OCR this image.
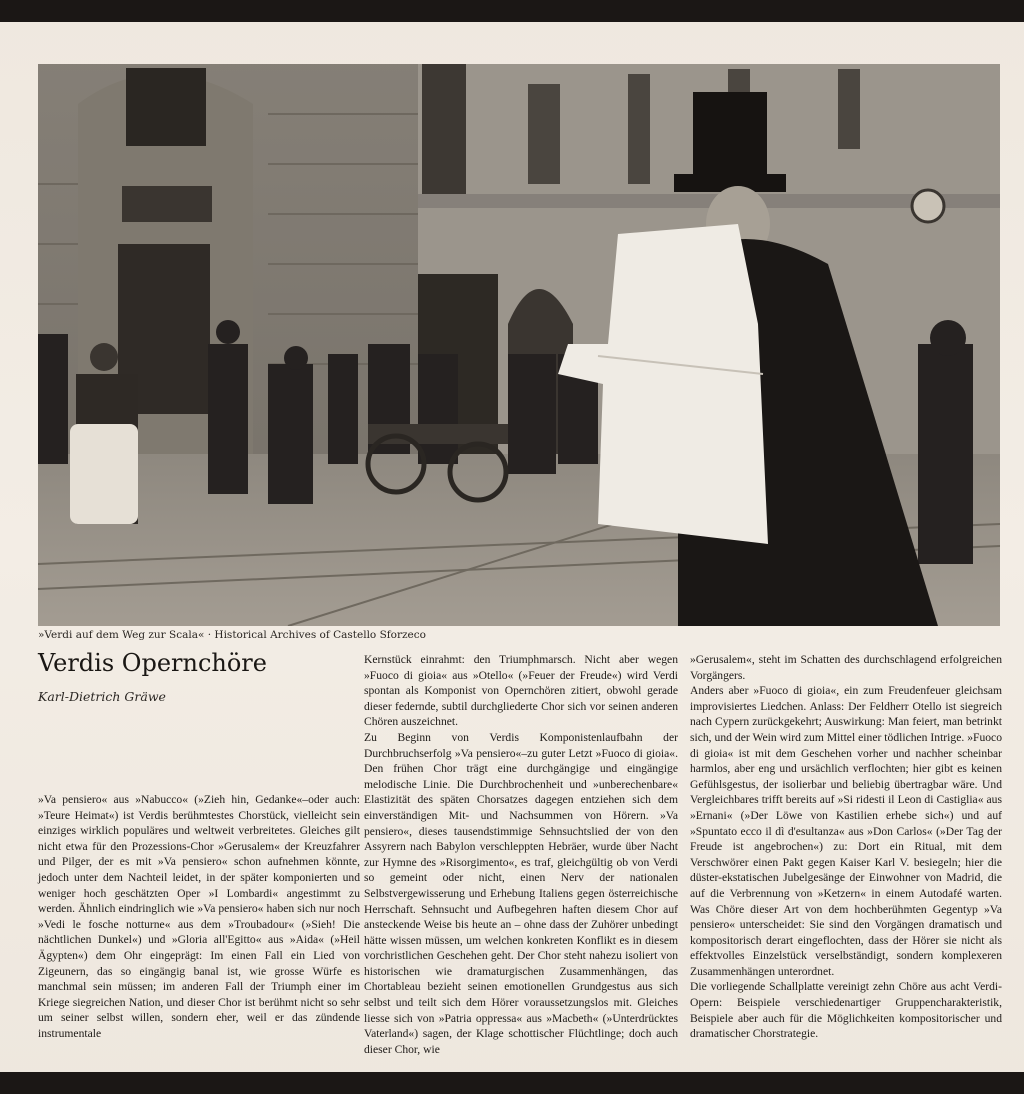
»Verdi auf dem Weg zur Scala« · Historical Archives of Castello Sforzeco
Verdis Opernchöre
Karl-Dietrich Gräwe

»Va pensiero« aus »Nabucco« (»Zieh hin, Gedanke«–oder auch: »Teure Heimat«) ist Verdis berühmtestes Chorstück, vielleicht sein einziges wirklich populäres und weltweit verbreitetes. Gleiches gilt nicht etwa für den Prozessions-Chor »Gerusalem« der Kreuzfahrer und Pilger, der es mit »Va pensiero« schon aufnehmen könnte, jedoch unter dem Nachteil leidet, in der später komponierten und weniger hoch geschätzten Oper »I Lombardi« angestimmt zu werden. Ähnlich eindringlich wie »Va pensiero« haben sich nur noch »Vedi le fosche notturne« aus dem »Troubadour« (»Sieh! Die nächtlichen Dunkel«) und »Gloria all'Egitto« aus »Aida« (»Heil Ägypten«) dem Ohr eingeprägt: Im einen Fall ein Lied von Zigeunern, das so eingängig banal ist, wie grosse Würfe es manchmal sein müssen; im anderen Fall der Triumph einer im Kriege siegreichen Nation, und dieser Chor ist berühmt nicht so sehr um seiner selbst willen, sondern eher, weil er das zündende instrumentale

Kernstück einrahmt: den Triumphmarsch. Nicht aber wegen »Fuoco di gioia« aus »Otello« (»Feuer der Freude«) wird Verdi spontan als Komponist von Opernchören zitiert, obwohl gerade dieser federnde, subtil durchgliederte Chor sich vor seinen anderen Chören auszeichnet.

Zu Beginn von Verdis Komponistenlaufbahn der Durchbruchserfolg »Va pensiero«–zu guter Letzt »Fuoco di gioia«. Den frühen Chor trägt eine durchgängige und eingängige melodische Linie. Die Durchbrochenheit und »unberechenbare« Elastizität des späten Chorsatzes dagegen entziehen sich dem einverständigen Mit- und Nachsummen von Hörern. »Va pensiero«, dieses tausendstimmige Sehnsuchtslied der von den Assyrern nach Babylon verschleppten Hebräer, wurde über Nacht zur Hymne des »Risorgimento«, es traf, gleichgültig ob von Verdi so gemeint oder nicht, einen Nerv der nationalen Selbstvergewisserung und Erhebung Italiens gegen österreichische Herrschaft. Sehnsucht und Aufbegehren haften diesem Chor auf ansteckende Weise bis heute an – ohne dass der Zuhörer unbedingt hätte wissen müssen, um welchen konkreten Konflikt es in diesem vorchristlichen Geschehen geht. Der Chor steht nahezu isoliert von historischen wie dramaturgischen Zusammenhängen, das Chortableau bezieht seinen emotionellen Grundgestus aus sich selbst und teilt sich dem Hörer voraussetzungslos mit. Gleiches liesse sich von »Patria oppressa« aus »Macbeth« (»Unterdrücktes Vaterland«) sagen, der Klage schottischer Flüchtlinge; doch auch dieser Chor, wie

»Gerusalem«, steht im Schatten des durchschlagend erfolgreichen Vorgängers.

Anders aber »Fuoco di gioia«, ein zum Freudenfeuer gleichsam improvisiertes Liedchen. Anlass: Der Feldherr Otello ist siegreich nach Cypern zurückgekehrt; Auswirkung: Man feiert, man betrinkt sich, und der Wein wird zum Mittel einer tödlichen Intrige. »Fuoco di gioia« ist mit dem Geschehen vorher und nachher scheinbar harmlos, aber eng und ursächlich verflochten; hier gibt es keinen Gefühlsgestus, der isolierbar und beliebig übertragbar wäre. Und Vergleichbares trifft bereits auf »Si ridesti il Leon di Castiglia« aus »Ernani« (»Der Löwe von Kastilien erhebe sich«) und auf »Spuntato ecco il dì d'esultanza« aus »Don Carlos« (»Der Tag der Freude ist angebrochen«) zu: Dort ein Ritual, mit dem Verschwörer einen Pakt gegen Kaiser Karl V. besiegeln; hier die düster-ekstatischen Jubelgesänge der Einwohner von Madrid, die auf die Verbrennung von »Ketzern« in einem Autodafé warten. Was Chöre dieser Art von dem hochberühmten Gegentyp »Va pensiero« unterscheidet: Sie sind den Vorgängen dramatisch und kompositorisch derart eingeflochten, dass der Hörer sie nicht als effektvolles Einzelstück verselbständigt, sondern komplexeren Zusammenhängen unterordnet.

Die vorliegende Schallplatte vereinigt zehn Chöre aus acht Verdi-Opern: Beispiele verschiedenartiger Gruppencharakteristik, Beispiele aber auch für die Möglichkeiten kompositorischer und dramatischer Chorstrategie.
